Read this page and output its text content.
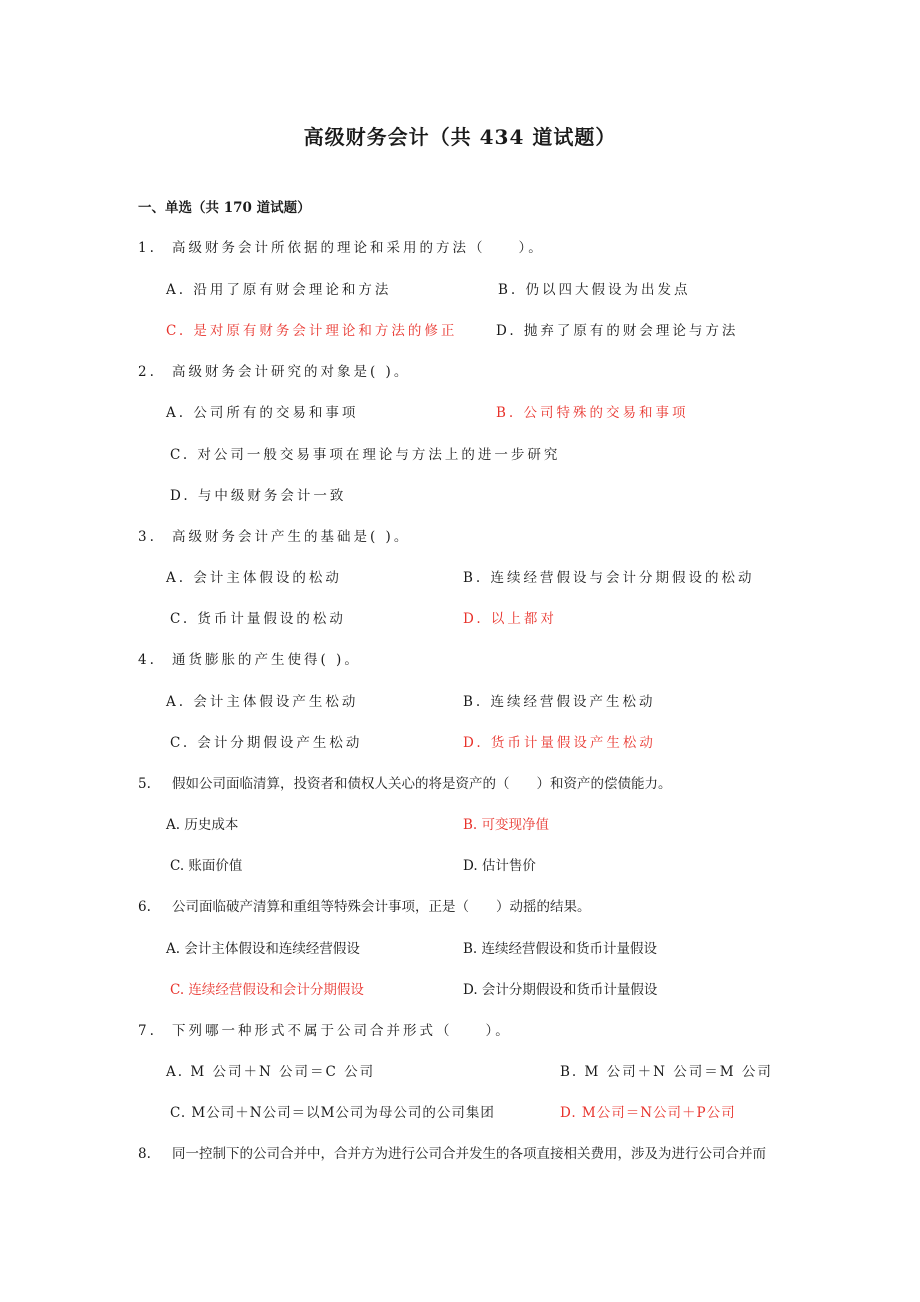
高级财务会计（共 434 道试题）
一、单选（共 170 道试题）
1. 高级财务会计所依据的理论和采用的方法（　　）。
A. 沿用了原有财会理论和方法	B. 仍以四大假设为出发点
C. 是对原有财务会计理论和方法的修正	D. 抛弃了原有的财会理论与方法
2. 高级财务会计研究的对象是( )。
A. 公司所有的交易和事项	B. 公司特殊的交易和事项
C. 对公司一般交易事项在理论与方法上的进一步研究
D. 与中级财务会计一致
3. 高级财务会计产生的基础是( )。
A. 会计主体假设的松动	B. 连续经营假设与会计分期假设的松动
C. 货币计量假设的松动	D. 以上都对
4. 通货膨胀的产生使得( )。
A. 会计主体假设产生松动	B. 连续经营假设产生松动
C. 会计分期假设产生松动	D. 货币计量假设产生松动
5. 假如公司面临清算，投资者和债权人关心的将是资产的（　　）和资产的偿债能力。
A. 历史成本	B. 可变现净值
C. 账面价值	D. 估计售价
6. 公司面临破产清算和重组等特殊会计事项，正是（　　）动摇的结果。
A. 会计主体假设和连续经营假设	B. 连续经营假设和货币计量假设
C. 连续经营假设和会计分期假设	D. 会计分期假设和货币计量假设
7. 下列哪一种形式不属于公司合并形式（　　）。
A. M 公司＋N 公司＝C 公司	B. M 公司＋N 公司＝M 公司
C. M公司＋N公司＝以M公司为母公司的公司集团	D. M公司＝N公司＋P公司
8. 同一控制下的公司合并中，合并方为进行公司合并发生的各项直接相关费用，涉及为进行公司合并而
